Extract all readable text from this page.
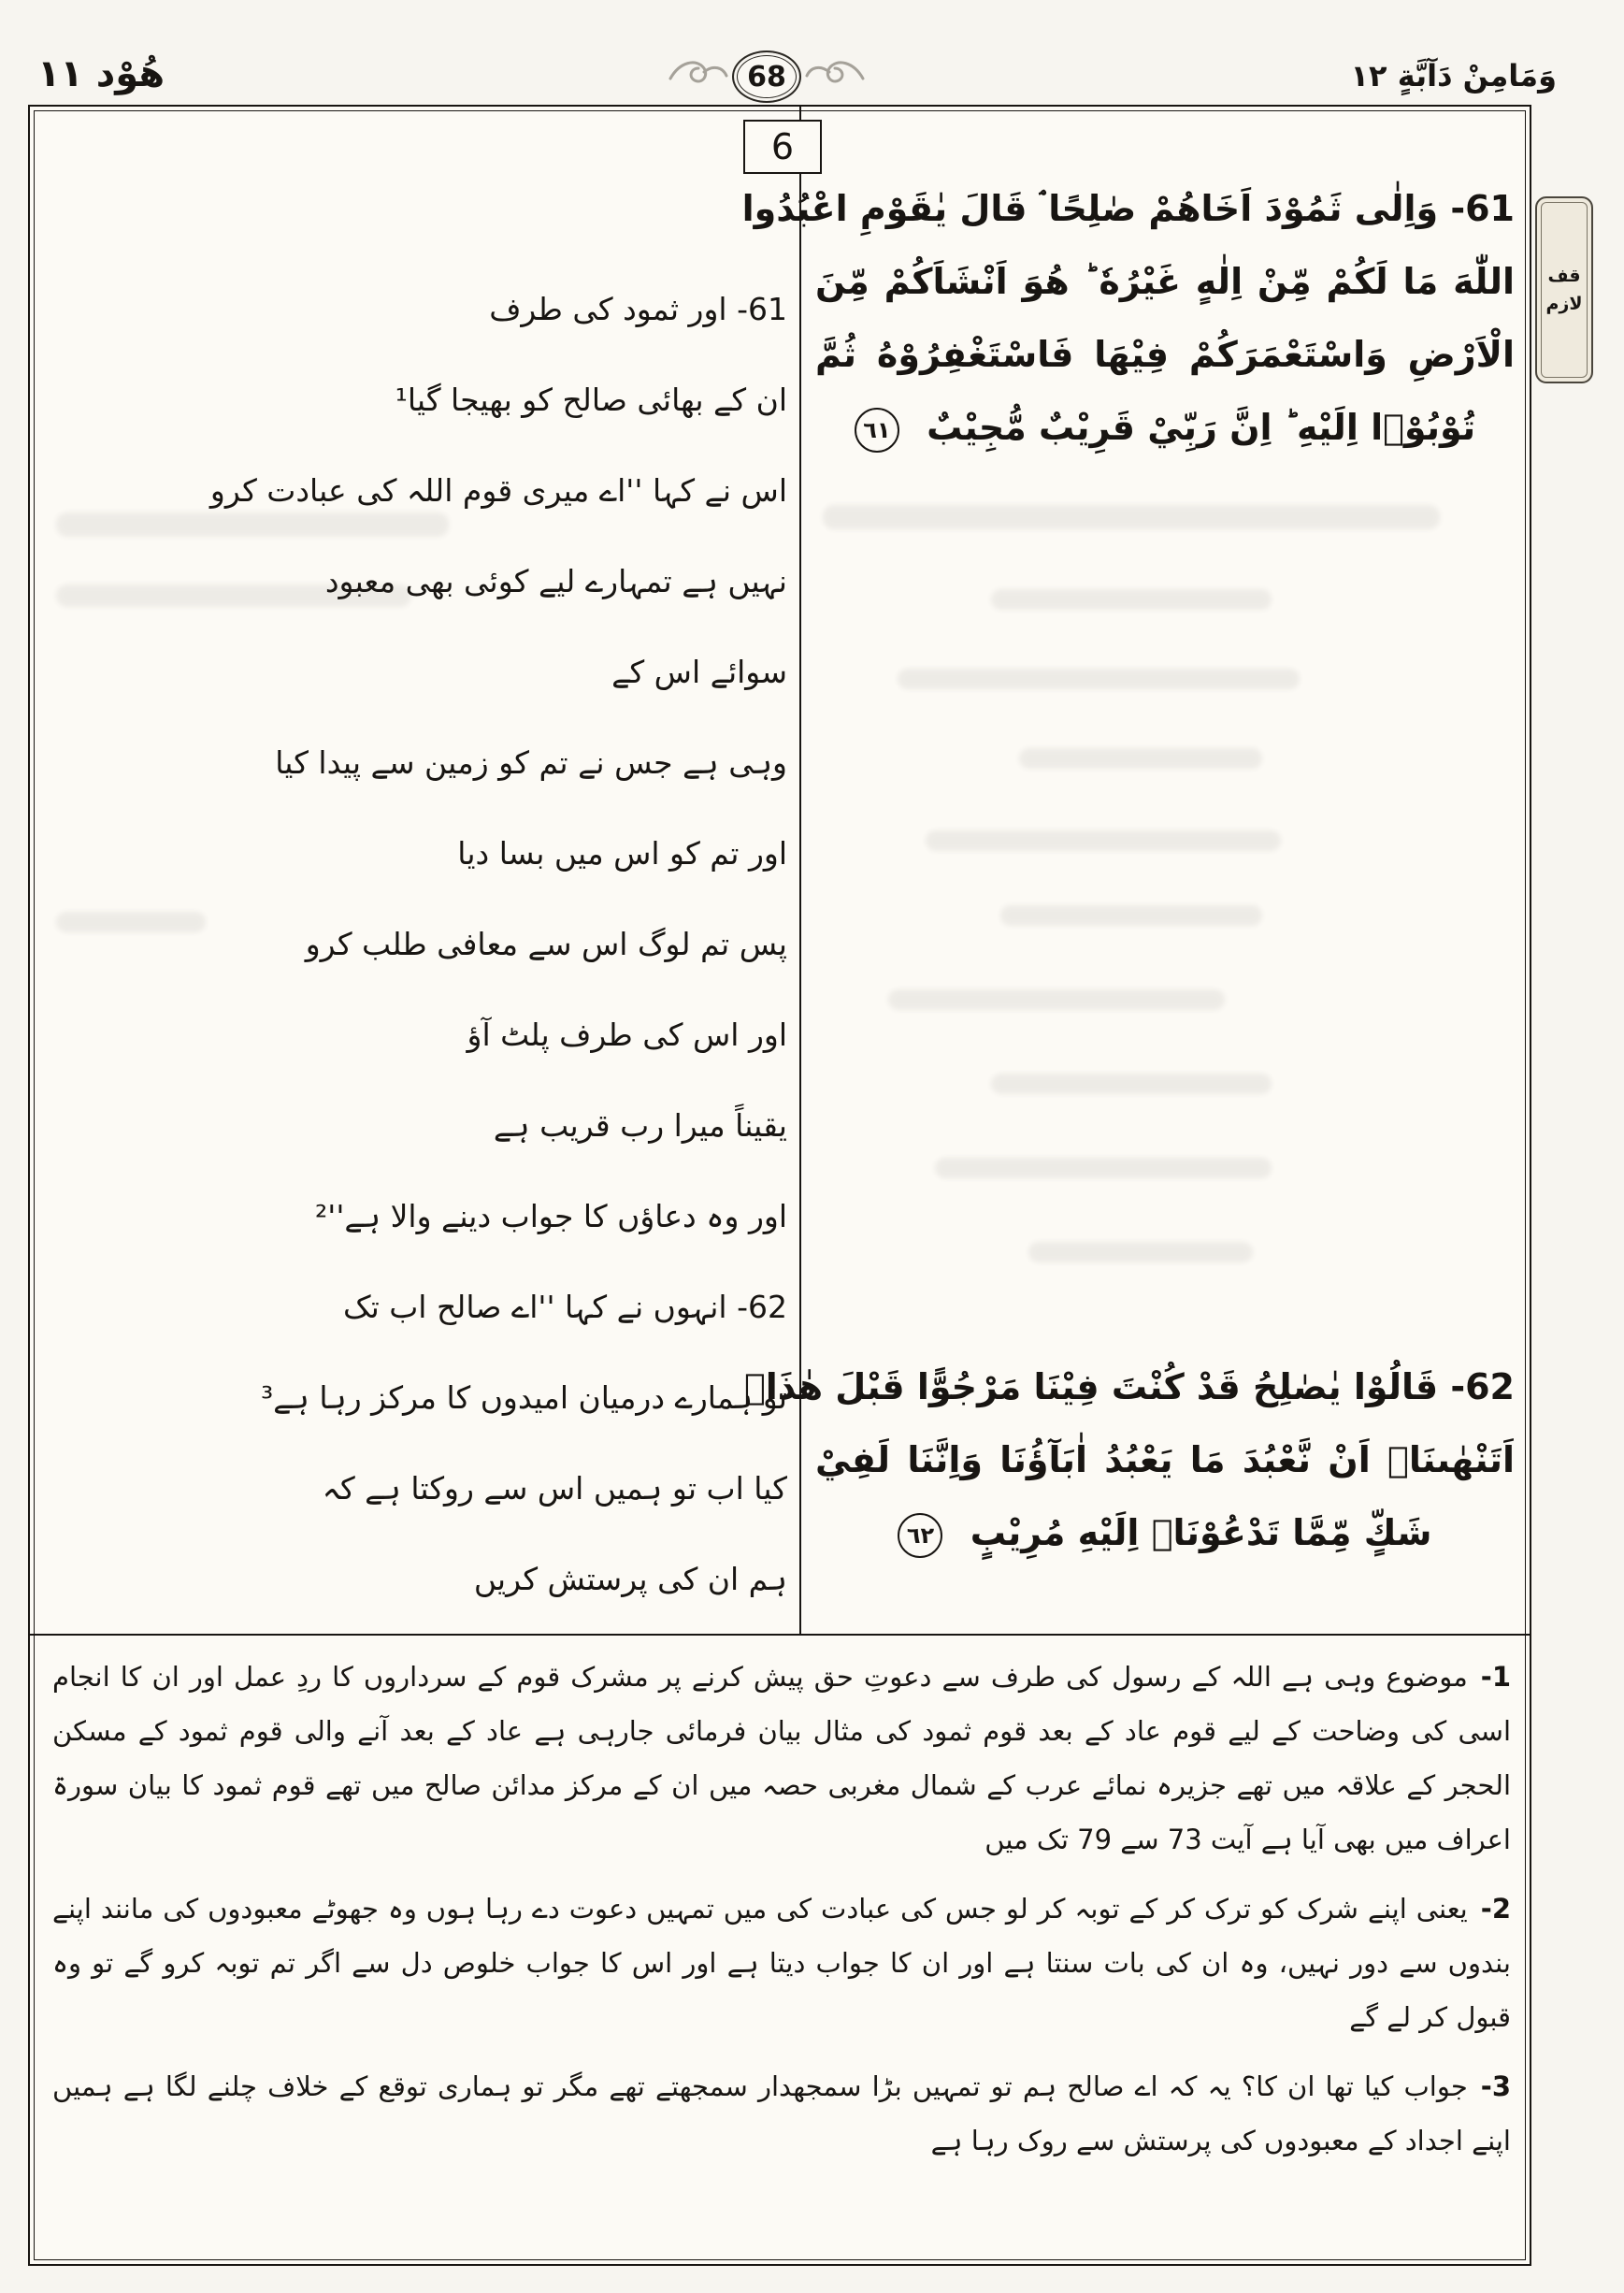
هُوْد ۱۱	وَمَامِنْ دَآبَّةٍ ۱۲
68
6
61- وَاِلٰى ثَمُوْدَ اَخَاهُمْ صٰلِحًا ۘ قَالَ يٰقَوْمِ اعْبُدُوا
اللّٰهَ مَا لَكُمْ مِّنْ اِلٰهٍ غَيْرُهٗ ؕ هُوَ اَنْشَاَكُمْ مِّنَ
الْاَرْضِ وَاسْتَعْمَرَكُمْ فِيْهَا فَاسْتَغْفِرُوْهُ ثُمَّ
تُوْبُوْۤا اِلَيْهِ ؕ اِنَّ رَبِّيْ قَرِيْبٌ مُّجِيْبٌ ٦١
62- قَالُوْا يٰصٰلِحُ قَدْ كُنْتَ فِيْنَا مَرْجُوًّا قَبْلَ هٰذَاۤ
اَتَنْهٰىنَاۤ اَنْ نَّعْبُدَ مَا يَعْبُدُ اٰبَآؤُنَا وَاِنَّنَا لَفِيْ
شَكٍّ مِّمَّا تَدْعُوْنَاۤ اِلَيْهِ مُرِيْبٍ ٦٢
61- اور ثمود کی طرف
ان کے بھائی صالح کو بھیجا گیا¹
اس نے کہا ''اے میری قوم اللہ کی عبادت کرو
نہیں ہے تمہارے لیے کوئی بھی معبود
سوائے اس کے
وہی ہے جس نے تم کو زمین سے پیدا کیا
اور تم کو اس میں بسا دیا
پس تم لوگ اس سے معافی طلب کرو
اور اس کی طرف پلٹ آؤ
یقیناً میرا رب قریب ہے
اور وہ دعاؤں کا جواب دینے والا ہے''²
62- انہوں نے کہا ''اے صالح اب تک
تو ہمارے درمیان امیدوں کا مرکز رہا ہے³
کیا اب تو ہمیں اس سے روکتا ہے کہ
ہم ان کی پرستش کریں
1-موضوع وہی ہے اللہ کے رسول کی طرف سے دعوتِ حق پیش کرنے پر مشرک قوم کے سرداروں کا ردِ عمل اور ان کا انجام اسی کی وضاحت کے لیے قوم عاد کے بعد قوم ثمود کی مثال بیان فرمائی جارہی ہے عاد کے بعد آنے والی قوم ثمود کے مسکن الحجر کے علاقہ میں تھے جزیرہ نمائے عرب کے شمال مغربی حصہ میں ان کے مرکز مدائن صالح میں تھے قوم ثمود کا بیان سورۃ اعراف میں بھی آیا ہے آیت 73 سے 79 تک میں
2-یعنی اپنے شرک کو ترک کر کے توبہ کر لو جس کی عبادت کی میں تمہیں دعوت دے رہا ہوں وہ جھوٹے معبودوں کی مانند اپنے بندوں سے دور نہیں، وہ ان کی بات سنتا ہے اور ان کا جواب دیتا ہے اور اس کا جواب خلوص دل سے اگر تم توبہ کرو گے تو وہ قبول کر لے گے
3-جواب کیا تھا ان کا؟ یہ کہ اے صالح ہم تو تمہیں بڑا سمجھدار سمجھتے تھے مگر تو ہماری توقع کے خلاف چلنے لگا ہے ہمیں اپنے اجداد کے معبودوں کی پرستش سے روک رہا ہے
قف لازم
